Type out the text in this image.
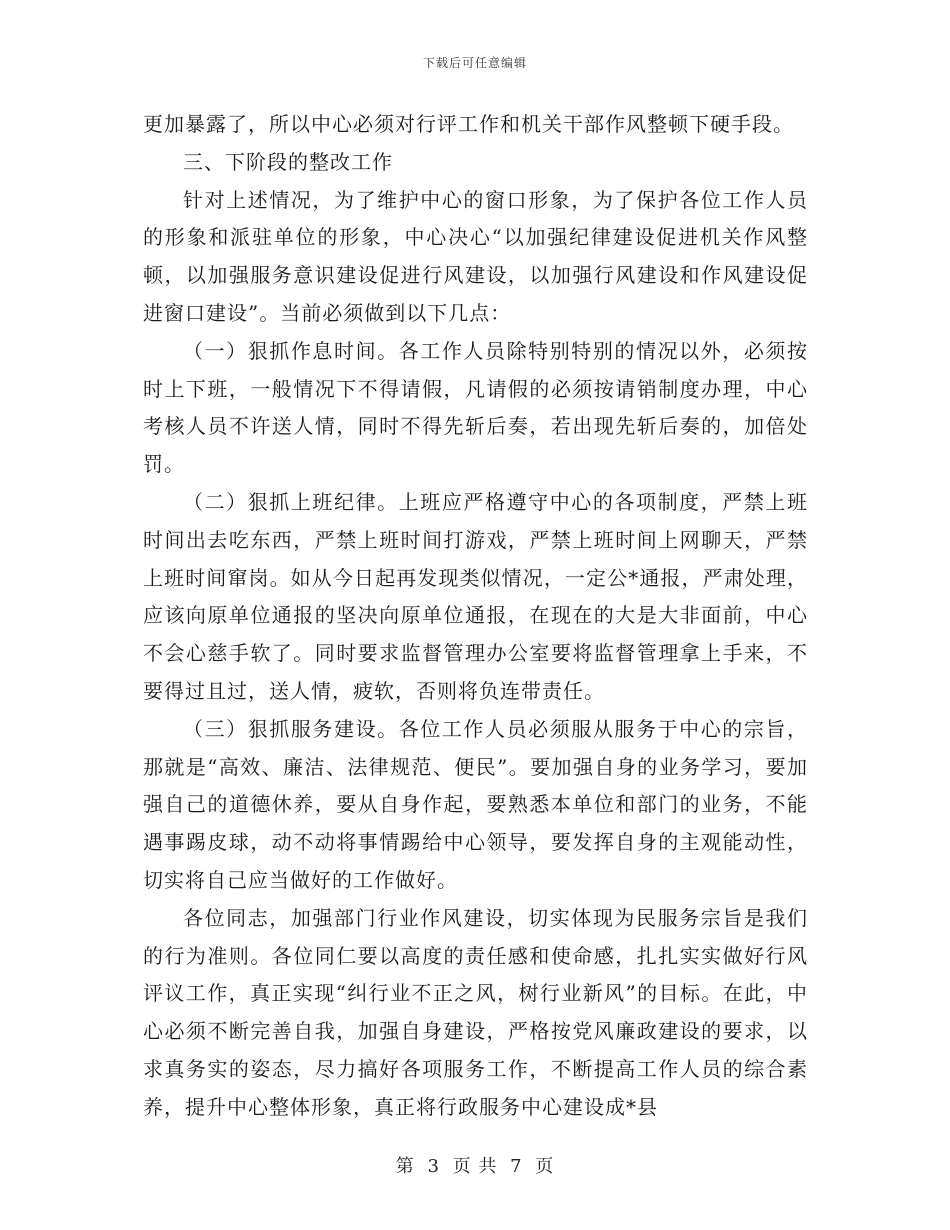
下载后可任意编辑

更加暴露了，所以中心必须对行评工作和机关干部作风整顿下硬手段。

三、下阶段的整改工作

针对上述情况，为了维护中心的窗口形象，为了保护各位工作人员的形象和派驻单位的形象，中心决心“以加强纪律建设促进机关作风整顿，以加强服务意识建设促进行风建设，以加强行风建设和作风建设促进窗口建设”。当前必须做到以下几点：

（一）狠抓作息时间。各工作人员除特别特别的情况以外，必须按时上下班，一般情况下不得请假，凡请假的必须按请销制度办理，中心考核人员不许送人情，同时不得先斩后奏，若出现先斩后奏的，加倍处罚。

（二）狠抓上班纪律。上班应严格遵守中心的各项制度，严禁上班时间出去吃东西，严禁上班时间打游戏，严禁上班时间上网聊天，严禁上班时间窜岗。如从今日起再发现类似情况，一定公*通报，严肃处理，应该向原单位通报的坚决向原单位通报，在现在的大是大非面前，中心不会心慈手软了。同时要求监督管理办公室要将监督管理拿上手来，不要得过且过，送人情，疲软，否则将负连带责任。

（三）狠抓服务建设。各位工作人员必须服从服务于中心的宗旨，那就是“高效、廉洁、法律规范、便民”。要加强自身的业务学习，要加强自己的道德休养，要从自身作起，要熟悉本单位和部门的业务，不能遇事踢皮球，动不动将事情踢给中心领导，要发挥自身的主观能动性，切实将自己应当做好的工作做好。

各位同志，加强部门行业作风建设，切实体现为民服务宗旨是我们的行为准则。各位同仁要以高度的责任感和使命感，扎扎实实做好行风评议工作，真正实现“纠行业不正之风，树行业新风”的目标。在此，中心必须不断完善自我，加强自身建设，严格按党风廉政建设的要求，以求真务实的姿态，尽力搞好各项服务工作，不断提高工作人员的综合素养，提升中心整体形象，真正将行政服务中心建设成*县

第 3 页 共 7 页
